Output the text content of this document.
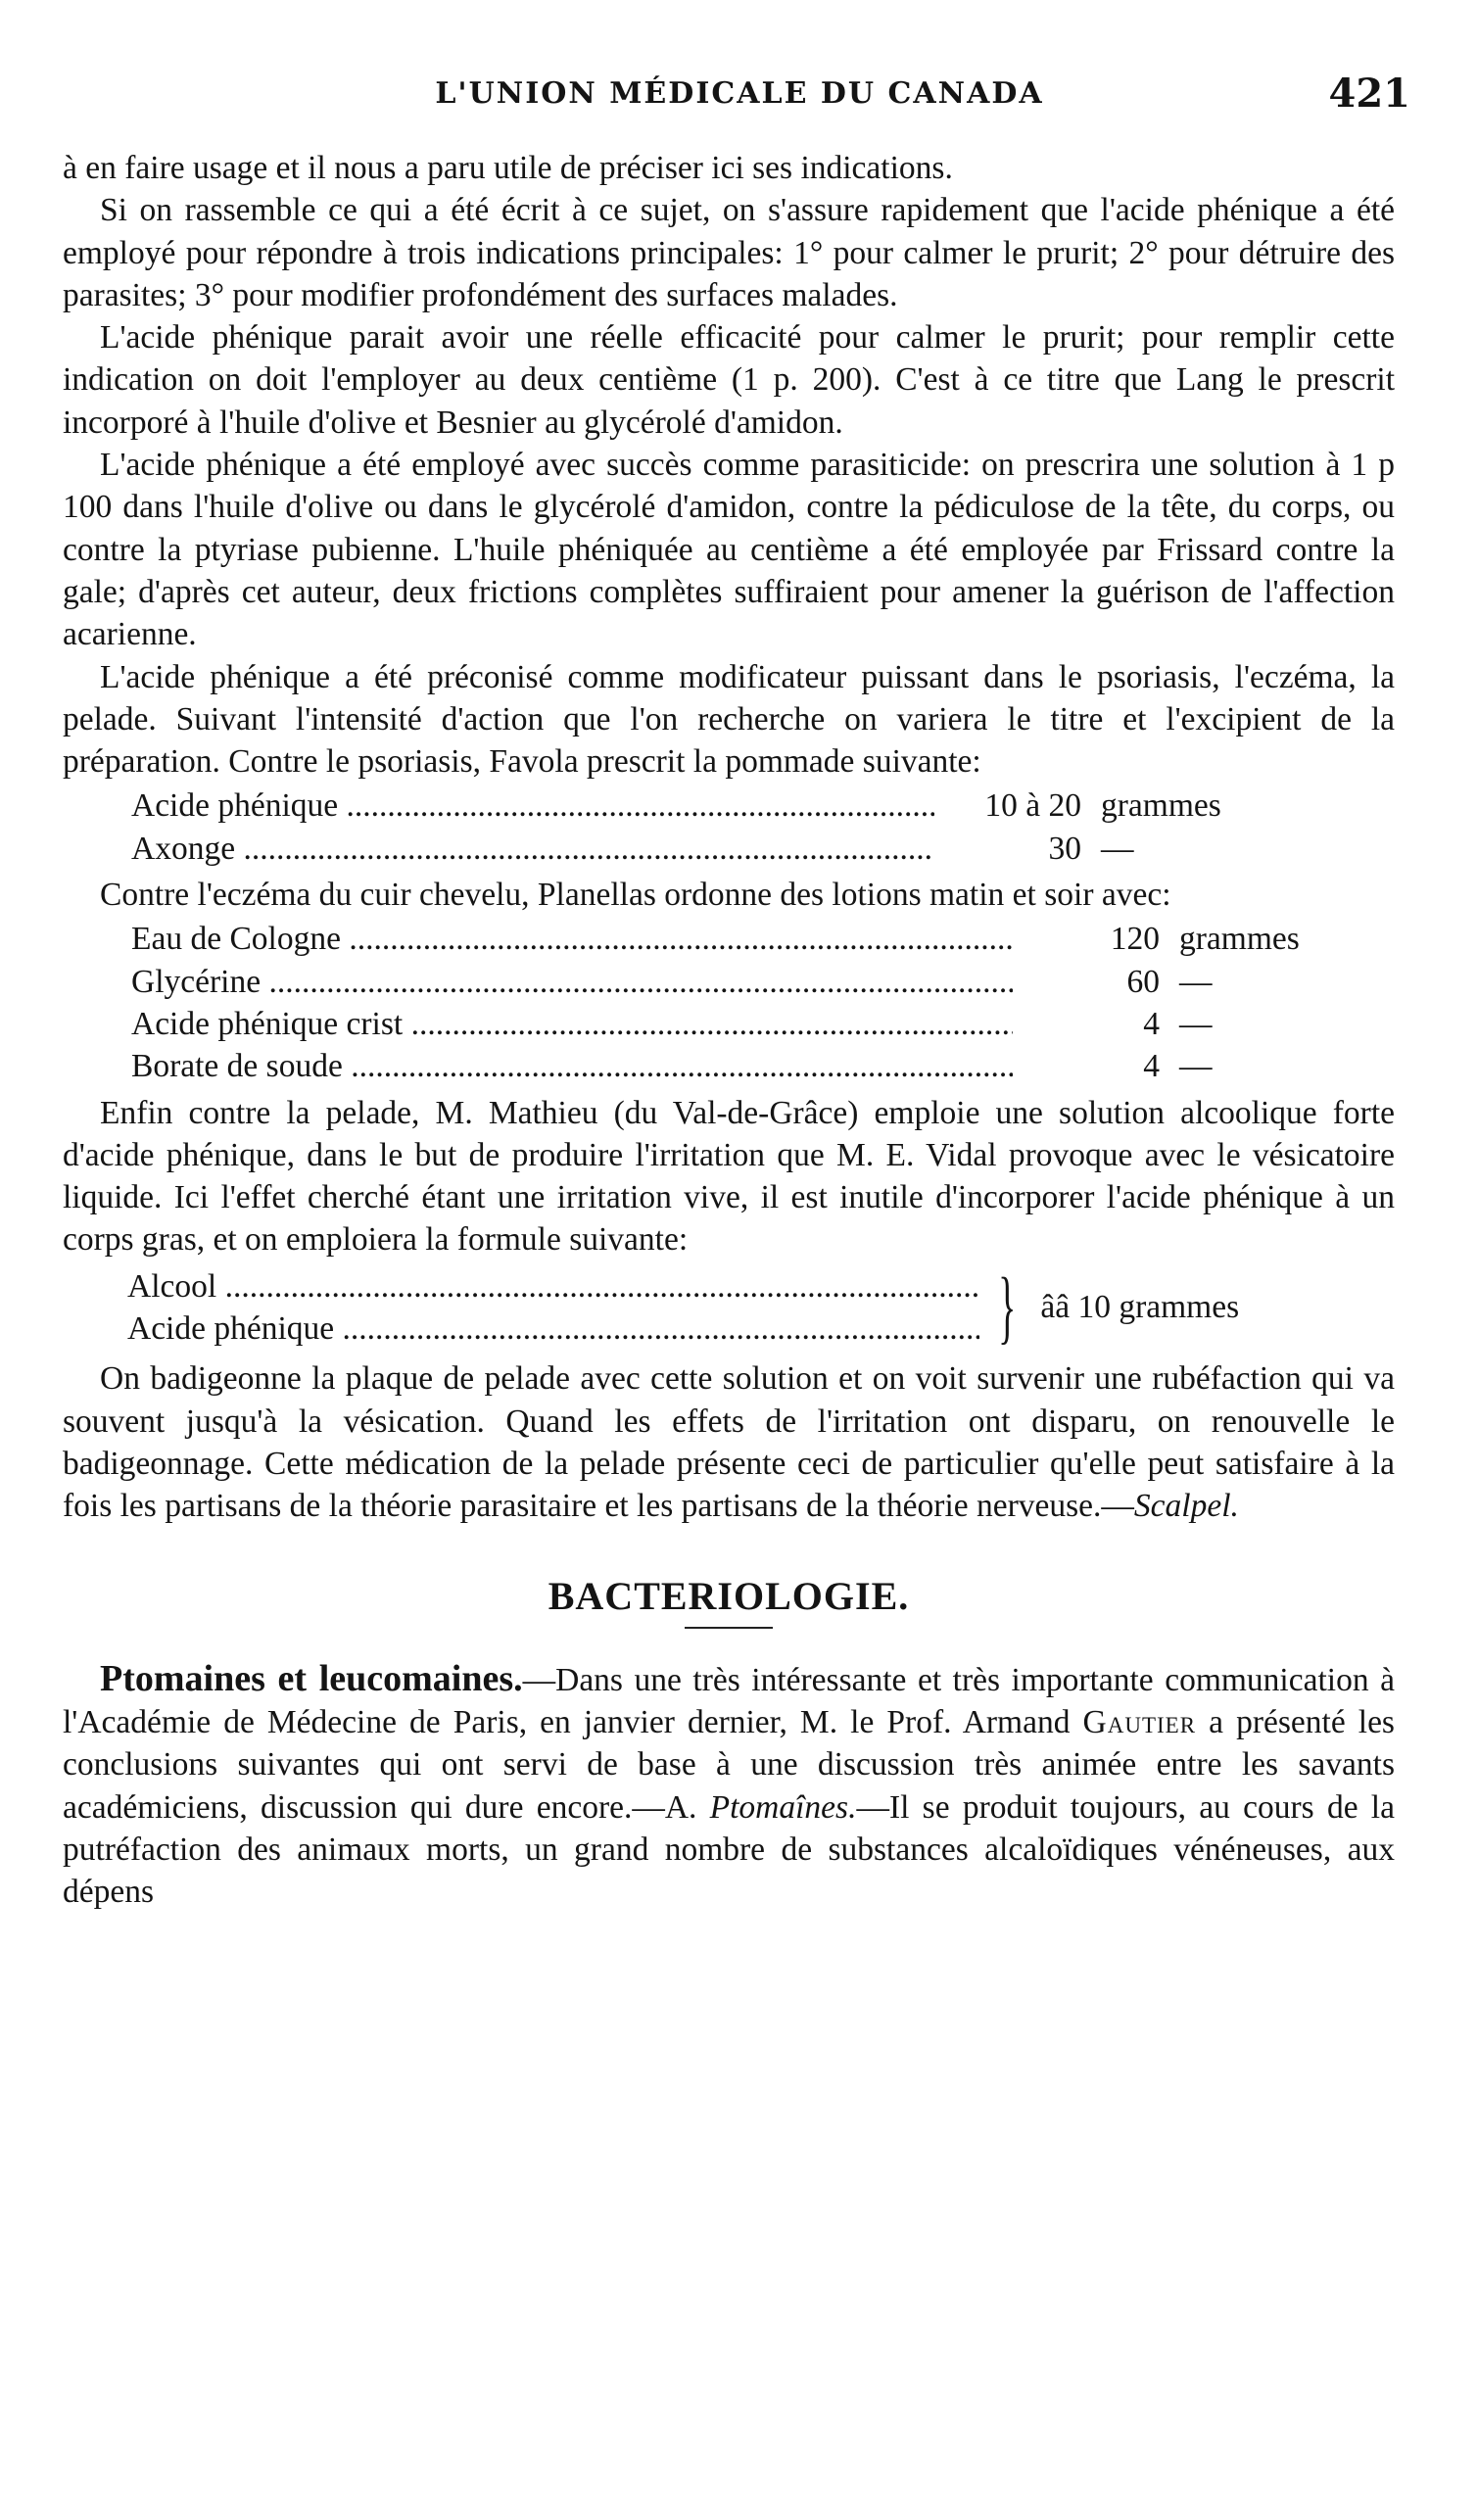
L'UNION MÉDICALE DU CANADA	421

à en faire usage et il nous a paru utile de préciser ici ses indications.

Si on rassemble ce qui a été écrit à ce sujet, on s'assure rapidement que l'acide phénique a été employé pour répondre à trois indications principales: 1° pour calmer le prurit; 2° pour détruire des parasites; 3° pour modifier profondément des surfaces malades.

L'acide phénique parait avoir une réelle efficacité pour calmer le prurit; pour remplir cette indication on doit l'employer au deux centième (1 p. 200). C'est à ce titre que Lang le prescrit incorporé à l'huile d'olive et Besnier au glycérolé d'amidon.

L'acide phénique a été employé avec succès comme parasiticide: on prescrira une solution à 1 p 100 dans l'huile d'olive ou dans le glycérolé d'amidon, contre la pédiculose de la tête, du corps, ou contre la ptyriase pubienne. L'huile phéniquée au centième a été employée par Frissard contre la gale; d'après cet auteur, deux frictions complètes suffiraient pour amener la guérison de l'affection acarienne.

L'acide phénique a été préconisé comme modificateur puissant dans le psoriasis, l'eczéma, la pelade. Suivant l'intensité d'action que l'on recherche on variera le titre et l'excipient de la préparation. Contre le psoriasis, Favola prescrit la pommade suivante:

Acide phénique .....	10 à 20 grammes
Axonge .....	30 —

Contre l'eczéma du cuir chevelu, Planellas ordonne des lotions matin et soir avec:

Eau de Cologne .....	120 grammes
Glycérine .....	60 —
Acide phénique crist .....	4 —
Borate de soude .....	4 —

Enfin contre la pelade, M. Mathieu (du Val-de-Grâce) emploie une solution alcoolique forte d'acide phénique, dans le but de produire l'irritation que M. E. Vidal provoque avec le vésicatoire liquide. Ici l'effet cherché étant une irritation vive, il est inutile d'incorporer l'acide phénique à un corps gras, et on emploiera la formule suivante:

Alcool .....
Acide phénique .....	} ââ 10 grammes

On badigeonne la plaque de pelade avec cette solution et on voit survenir une rubéfaction qui va souvent jusqu'à la vésication. Quand les effets de l'irritation ont disparu, on renouvelle le badigeonnage. Cette médication de la pelade présente ceci de particulier qu'elle peut satisfaire à la fois les partisans de la théorie parasitaire et les partisans de la théorie nerveuse.—Scalpel.

BACTERIOLOGIE.

Ptomaines et leucomaines.—Dans une très intéressante et très importante communication à l'Académie de Médecine de Paris, en janvier dernier, M. le Prof. Armand Gautier a présenté les conclusions suivantes qui ont servi de base à une discussion très animée entre les savants académiciens, discussion qui dure encore.—A. Ptomaînes.—Il se produit toujours, au cours de la putréfaction des animaux morts, un grand nombre de substances alcaloïdiques vénéneuses, aux dépens
